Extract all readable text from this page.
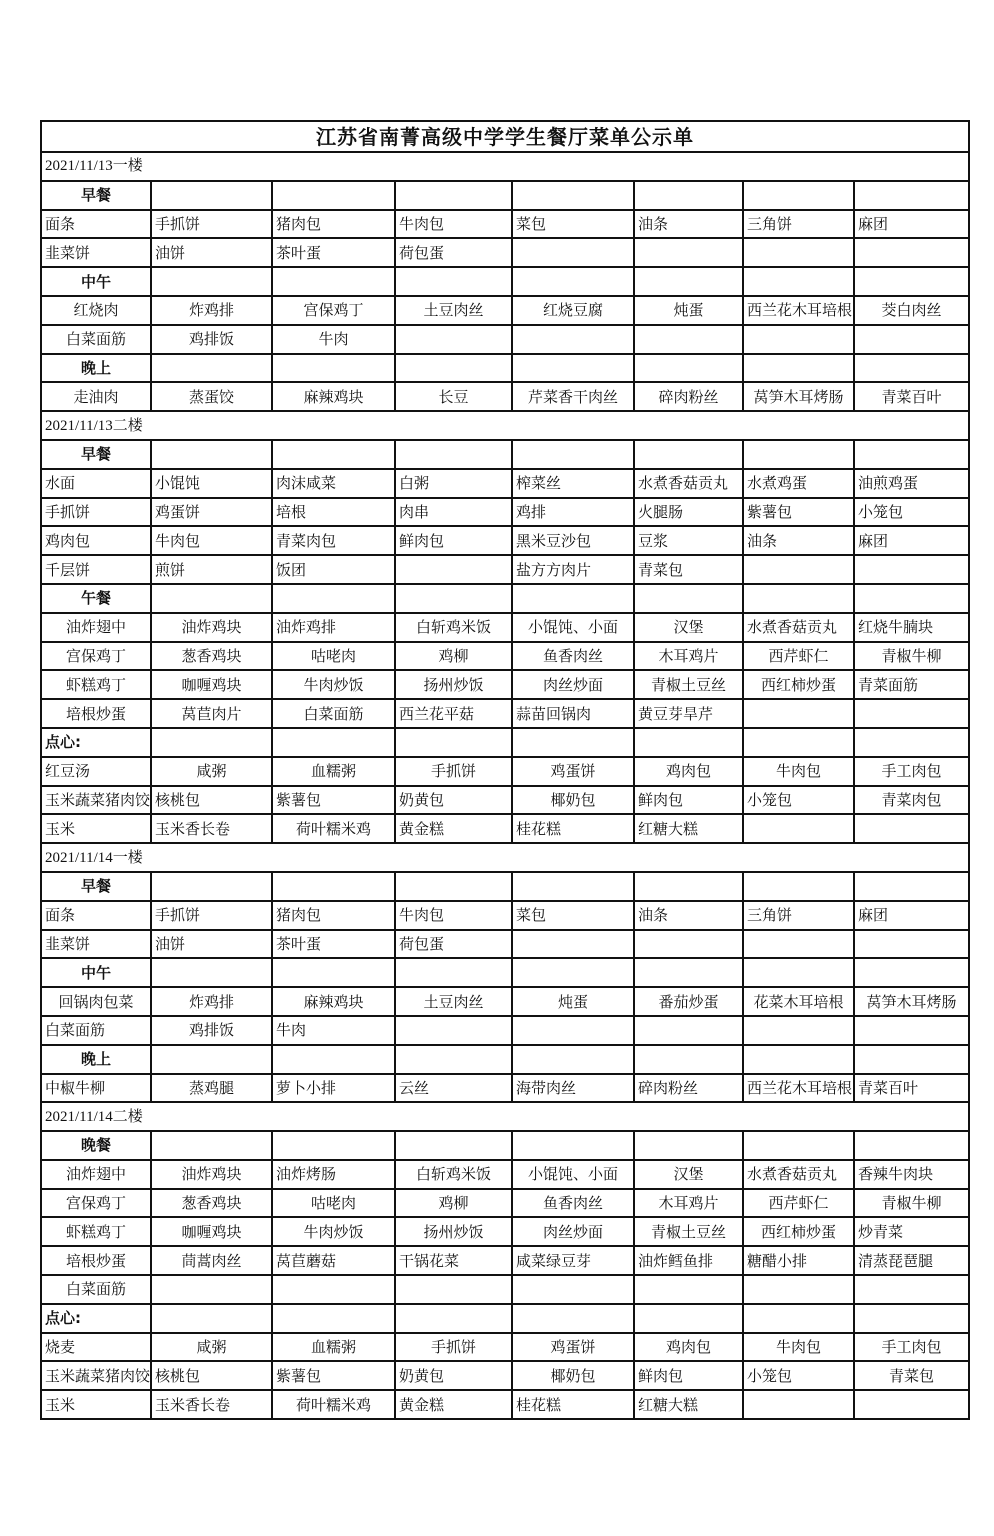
江苏省南菁高级中学学生餐厅菜单公示单							
2021/11/13一楼							
早餐							
面条	手抓饼	猪肉包	牛肉包	菜包	油条	三角饼	麻团
韭菜饼	油饼	茶叶蛋	荷包蛋				
中午							
红烧肉	炸鸡排	宫保鸡丁	土豆肉丝	红烧豆腐	炖蛋	西兰花木耳培根	茭白肉丝
白菜面筋	鸡排饭	牛肉					
晚上							
走油肉	蒸蛋饺	麻辣鸡块	长豆	芹菜香干肉丝	碎肉粉丝	莴笋木耳烤肠	青菜百叶
2021/11/13二楼							
早餐							
水面	小馄饨	肉沫咸菜	白粥	榨菜丝	水煮香菇贡丸	水煮鸡蛋	油煎鸡蛋
手抓饼	鸡蛋饼	培根	肉串	鸡排	火腿肠	紫薯包	小笼包
鸡肉包	牛肉包	青菜肉包	鲜肉包	黑米豆沙包	豆浆	油条	麻团
千层饼	煎饼	饭团		盐方方肉片	青菜包		
午餐							
油炸翅中	油炸鸡块	油炸鸡排	白斩鸡米饭	小馄饨、小面	汉堡	水煮香菇贡丸	红烧牛腩块
宫保鸡丁	葱香鸡块	咕咾肉	鸡柳	鱼香肉丝	木耳鸡片	西芹虾仁	青椒牛柳
虾糕鸡丁	咖喱鸡块	牛肉炒饭	扬州炒饭	肉丝炒面	青椒土豆丝	西红柿炒蛋	青菜面筋
培根炒蛋	莴苣肉片	白菜面筋	西兰花平菇	蒜苗回锅肉	黄豆芽旱芹		
点心:							
红豆汤	咸粥	血糯粥	手抓饼	鸡蛋饼	鸡肉包	牛肉包	手工肉包
玉米蔬菜猪肉饺	核桃包	紫薯包	奶黄包	椰奶包	鲜肉包	小笼包	青菜肉包
玉米	玉米香长卷	荷叶糯米鸡	黄金糕	桂花糕	红糖大糕		
2021/11/14一楼							
早餐							
面条	手抓饼	猪肉包	牛肉包	菜包	油条	三角饼	麻团
韭菜饼	油饼	茶叶蛋	荷包蛋				
中午							
回锅肉包菜	炸鸡排	麻辣鸡块	土豆肉丝	炖蛋	番茄炒蛋	花菜木耳培根	莴笋木耳烤肠
白菜面筋	鸡排饭	牛肉					
晚上							
中椒牛柳	蒸鸡腿	萝卜小排	云丝	海带肉丝	碎肉粉丝	西兰花木耳培根	青菜百叶
2021/11/14二楼							
晚餐							
油炸翅中	油炸鸡块	油炸烤肠	白斩鸡米饭	小馄饨、小面	汉堡	水煮香菇贡丸	香辣牛肉块
宫保鸡丁	葱香鸡块	咕咾肉	鸡柳	鱼香肉丝	木耳鸡片	西芹虾仁	青椒牛柳
虾糕鸡丁	咖喱鸡块	牛肉炒饭	扬州炒饭	肉丝炒面	青椒土豆丝	西红柿炒蛋	炒青菜
培根炒蛋	茼蒿肉丝	莴苣蘑菇	干锅花菜	咸菜绿豆芽	油炸鳕鱼排	糖醋小排	清蒸琵琶腿
白菜面筋							
点心:							
烧麦	咸粥	血糯粥	手抓饼	鸡蛋饼	鸡肉包	牛肉包	手工肉包
玉米蔬菜猪肉饺	核桃包	紫薯包	奶黄包	椰奶包	鲜肉包	小笼包	青菜包
玉米	玉米香长卷	荷叶糯米鸡	黄金糕	桂花糕	红糖大糕		
